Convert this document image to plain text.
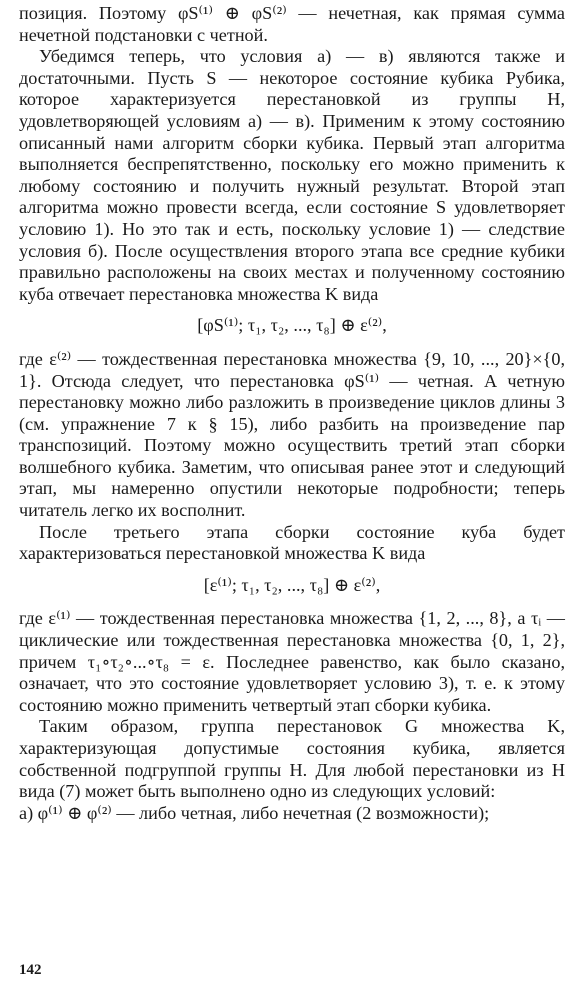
позиция. Поэтому φS⁽¹⁾ ⊕ φS⁽²⁾ — нечетная, как прямая сумма нечетной подстановки с четной.

Убедимся теперь, что условия а) — в) являются также и достаточными. Пусть S — некоторое состояние кубика Рубика, которое характеризуется перестановкой из группы H, удовлетворяющей условиям а) — в). Применим к этому состоянию описанный нами алгоритм сборки кубика. Первый этап алгоритма выполняется беспрепятственно, поскольку его можно применить к любому состоянию и получить нужный результат. Второй этап алгоритма можно провести всегда, если состояние S удовлетворяет условию 1). Но это так и есть, поскольку условие 1) — следствие условия б). После осуществления второго этапа все средние кубики правильно расположены на своих местах и полученному состоянию куба отвечает перестановка множества K вида

[φS⁽¹⁾; τ₁, τ₂, ..., τ₈] ⊕ ε⁽²⁾,

где ε⁽²⁾ — тождественная перестановка множества {9, 10, ..., 20}×{0, 1}. Отсюда следует, что перестановка φS⁽¹⁾ — четная. А четную перестановку можно либо разложить в произведение циклов длины 3 (см. упражнение 7 к § 15), либо разбить на произведение пар транспозиций. Поэтому можно осуществить третий этап сборки волшебного кубика. Заметим, что описывая ранее этот и следующий этап, мы намеренно опустили некоторые подробности; теперь читатель легко их восполнит.

После третьего этапа сборки состояние куба будет характеризоваться перестановкой множества K вида

[ε⁽¹⁾; τ₁, τ₂, ..., τ₈] ⊕ ε⁽²⁾,

где ε⁽¹⁾ — тождественная перестановка множества {1, 2, ..., 8}, а τᵢ — циклические или тождественная перестановка множества {0, 1, 2}, причем τ₁∘τ₂∘...∘τ₈ = ε. Последнее равенство, как было сказано, означает, что это состояние удовлетворяет условию 3), т. е. к этому состоянию можно применить четвертый этап сборки кубика.

Таким образом, группа перестановок G множества K, характеризующая допустимые состояния кубика, является собственной подгруппой группы H. Для любой перестановки из H вида (7) может быть выполнено одно из следующих условий:

а) φ⁽¹⁾ ⊕ φ⁽²⁾ — либо четная, либо нечетная (2 возможности);

142
